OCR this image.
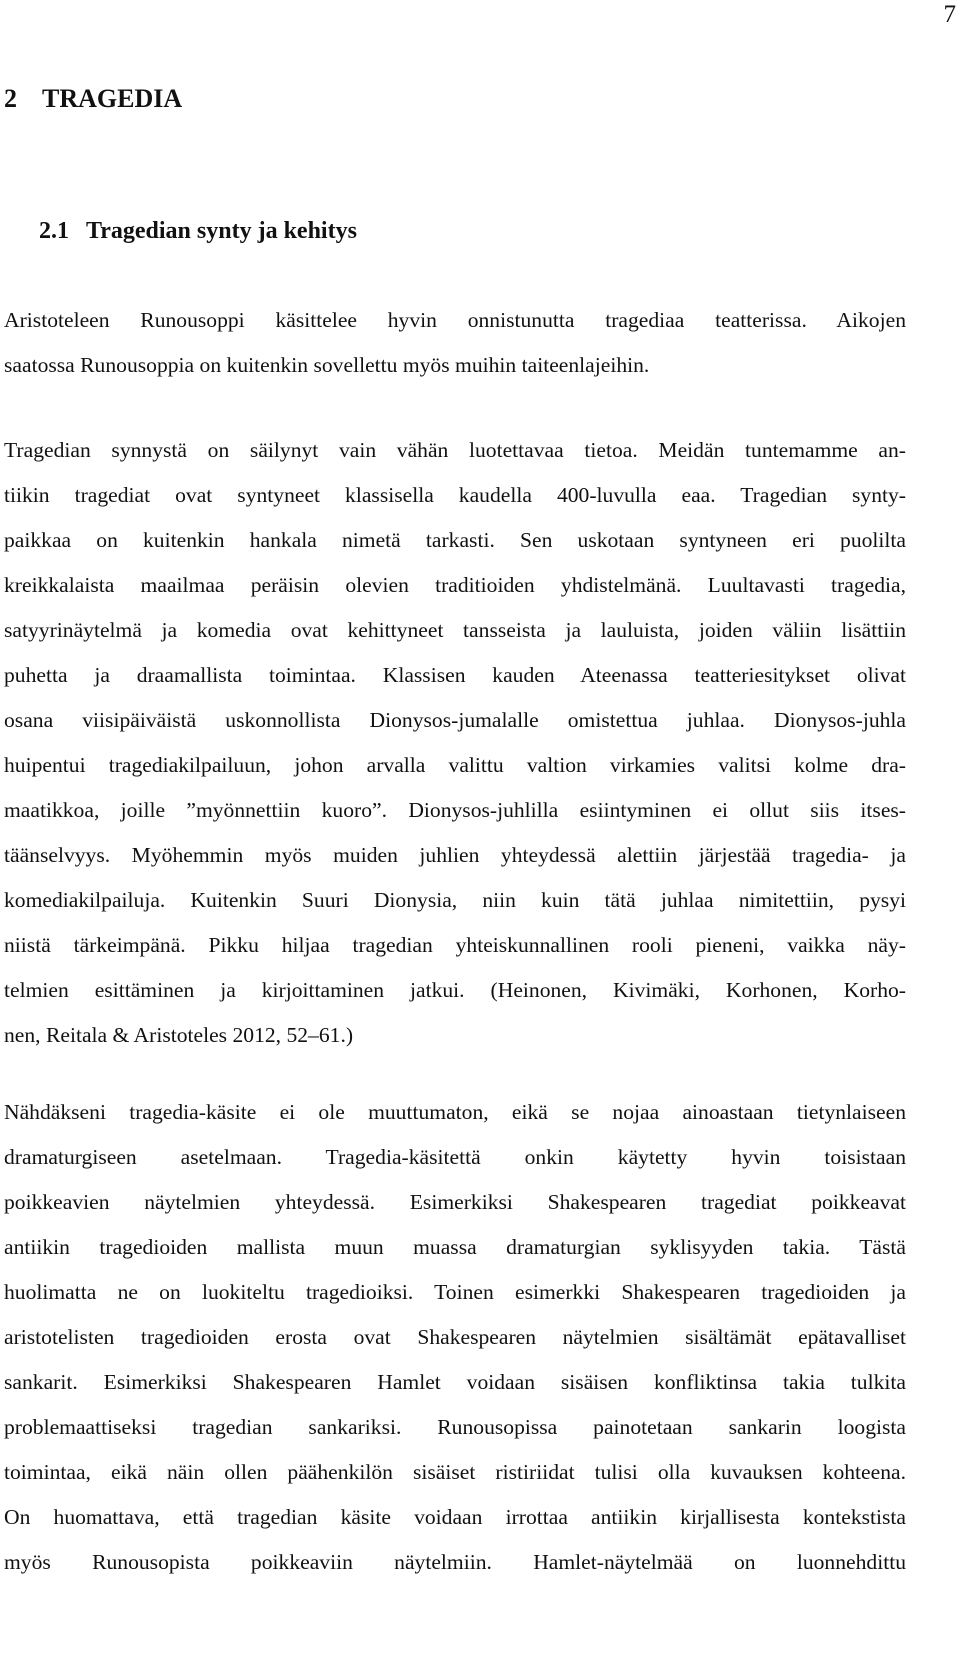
7
2 TRAGEDIA
2.1 Tragedian synty ja kehitys

Aristoteleen Runousoppi käsittelee hyvin onnistunutta tragediaa teatterissa. Aikojen
saatossa Runousoppia on kuitenkin sovellettu myös muihin taiteenlajeihin.

Tragedian synnystä on säilynyt vain vähän luotettavaa tietoa. Meidän tuntemamme an-
tiikin tragediat ovat syntyneet klassisella kaudella 400-luvulla eaa. Tragedian synty-
paikkaa on kuitenkin hankala nimetä tarkasti. Sen uskotaan syntyneen eri puolilta
kreikkalaista maailmaa peräisin olevien traditioiden yhdistelmänä. Luultavasti tragedia,
satyyrinäytelmä ja komedia ovat kehittyneet tansseista ja lauluista, joiden väliin lisättiin
puhetta ja draamallista toimintaa. Klassisen kauden Ateenassa teatteriesitykset olivat
osana viisipäiväistä uskonnollista Dionysos-jumalalle omistettua juhlaa. Dionysos-juhla
huipentui tragediakilpailuun, johon arvalla valittu valtion virkamies valitsi kolme dra-
maatikkoa, joille ”myönnettiin kuoro”. Dionysos-juhlilla esiintyminen ei ollut siis itses-
täänselvyys. Myöhemmin myös muiden juhlien yhteydessä alettiin järjestää tragedia- ja
komediakilpailuja. Kuitenkin Suuri Dionysia, niin kuin tätä juhlaa nimitettiin, pysyi
niistä tärkeimpänä. Pikku hiljaa tragedian yhteiskunnallinen rooli pieneni, vaikka näy-
telmien esittäminen ja kirjoittaminen jatkui. (Heinonen, Kivimäki, Korhonen, Korho-
nen, Reitala & Aristoteles 2012, 52–61.)

Nähdäkseni tragedia-käsite ei ole muuttumaton, eikä se nojaa ainoastaan tietynlaiseen
dramaturgiseen asetelmaan. Tragedia-käsitettä onkin käytetty hyvin toisistaan
poikkeavien näytelmien yhteydessä. Esimerkiksi Shakespearen tragediat poikkeavat
antiikin tragedioiden mallista muun muassa dramaturgian syklisyyden takia. Tästä
huolimatta ne on luokiteltu tragedioiksi. Toinen esimerkki Shakespearen tragedioiden ja
aristotelisten tragedioiden erosta ovat Shakespearen näytelmien sisältämät epätavalliset
sankarit. Esimerkiksi Shakespearen Hamlet voidaan sisäisen konfliktinsa takia tulkita
problemaattiseksi tragedian sankariksi. Runousopissa painotetaan sankarin loogista
toimintaa, eikä näin ollen päähenkilön sisäiset ristiriidat tulisi olla kuvauksen kohteena.
On huomattava, että tragedian käsite voidaan irrottaa antiikin kirjallisesta kontekstista
myös Runousopista poikkeaviin näytelmiin. Hamlet-näytelmää on luonnehdittu
